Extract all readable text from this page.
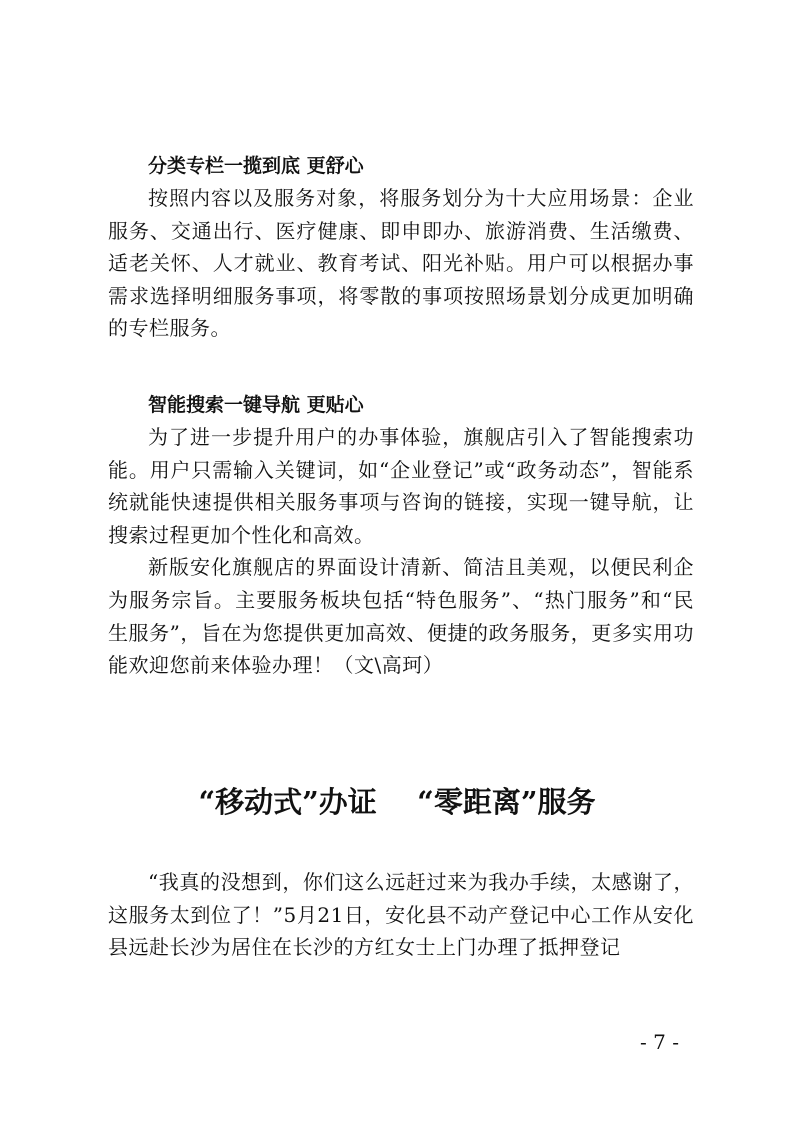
分类专栏一揽到底 更舒心

按照内容以及服务对象，将服务划分为十大应用场景：企业服务、交通出行、医疗健康、即申即办、旅游消费、生活缴费、适老关怀、人才就业、教育考试、阳光补贴。用户可以根据办事需求选择明细服务事项，将零散的事项按照场景划分成更加明确的专栏服务。

智能搜索一键导航 更贴心

为了进一步提升用户的办事体验，旗舰店引入了智能搜索功能。用户只需输入关键词，如“企业登记”或“政务动态”，智能系统就能快速提供相关服务事项与咨询的链接，实现一键导航，让搜索过程更加个性化和高效。

新版安化旗舰店的界面设计清新、简洁且美观，以便民利企为服务宗旨。主要服务板块包括“特色服务”、“热门服务”和“民生服务”，旨在为您提供更加高效、便捷的政务服务，更多实用功能欢迎您前来体验办理！（文\高珂）

“移动式”办证    “零距离”服务

“我真的没想到，你们这么远赶过来为我办手续，太感谢了，这服务太到位了！”5月21日，安化县不动产登记中心工作从安化县远赴长沙为居住在长沙的方红女士上门办理了抵押登记

- 7 -
